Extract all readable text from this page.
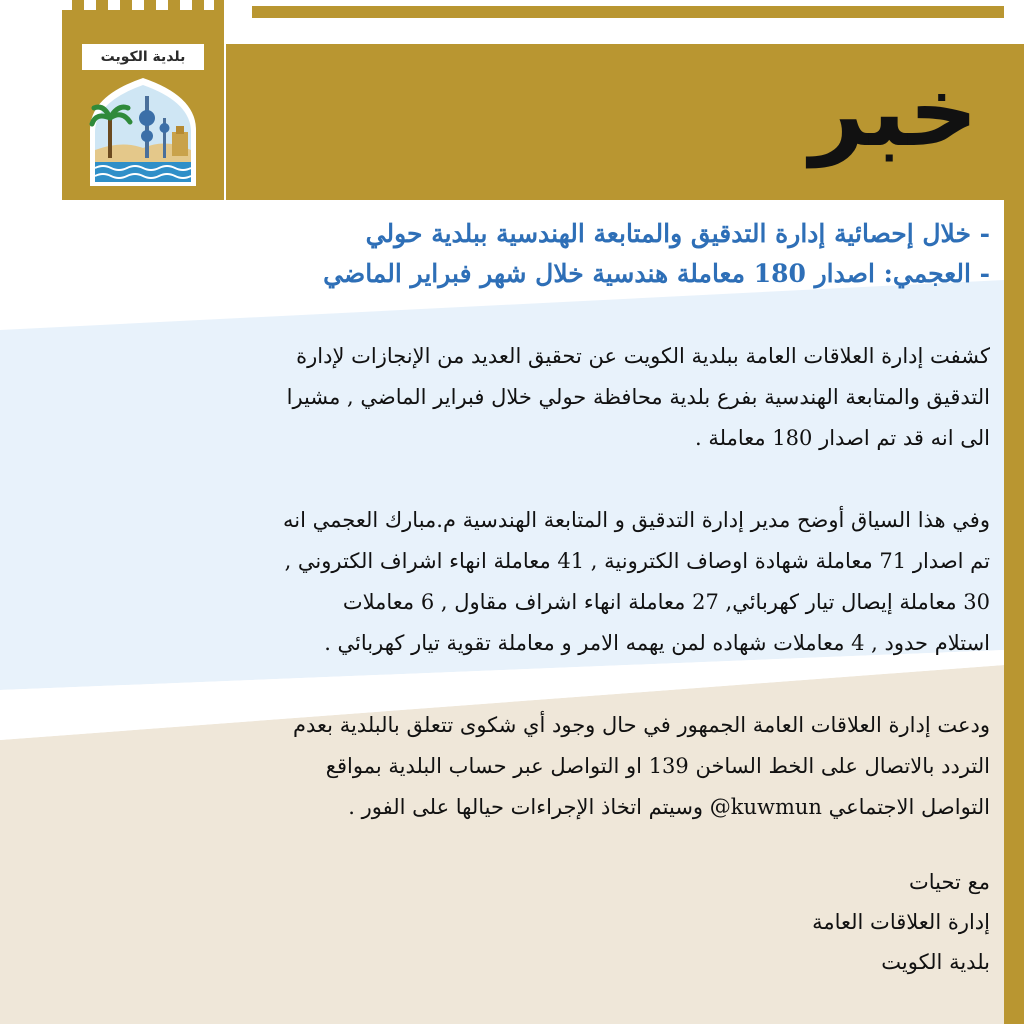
خبر
بلدية الكويت

- خلال إحصائية إدارة التدقيق والمتابعة الهندسية ببلدية حولي

- العجمي: اصدار 180 معاملة هندسية خلال شهر فبراير الماضي

كشفت إدارة العلاقات العامة ببلدية الكويت عن تحقيق العديد من الإنجازات لإدارة
التدقيق والمتابعة الهندسية بفرع بلدية محافظة حولي خلال فبراير الماضي , مشيرا
الى انه قد تم اصدار 180 معاملة .

وفي هذا السياق أوضح مدير إدارة التدقيق و المتابعة الهندسية م.مبارك العجمي انه
تم اصدار 71 معاملة شهادة اوصاف الكترونية , 41 معاملة انهاء اشراف الكتروني ,
30 معاملة إيصال تيار كهربائي, 27 معاملة انهاء اشراف مقاول , 6 معاملات
استلام حدود , 4 معاملات شهاده لمن يهمه الامر و معاملة تقوية تيار كهربائي .

ودعت إدارة العلاقات العامة الجمهور في حال وجود أي شكوى تتعلق بالبلدية بعدم
التردد بالاتصال على الخط الساخن 139 او التواصل عبر حساب البلدية بمواقع
التواصل الاجتماعي kuwmun@ وسيتم اتخاذ الإجراءات حيالها على الفور .

مع تحيات
إدارة العلاقات العامة
بلدية الكويت
